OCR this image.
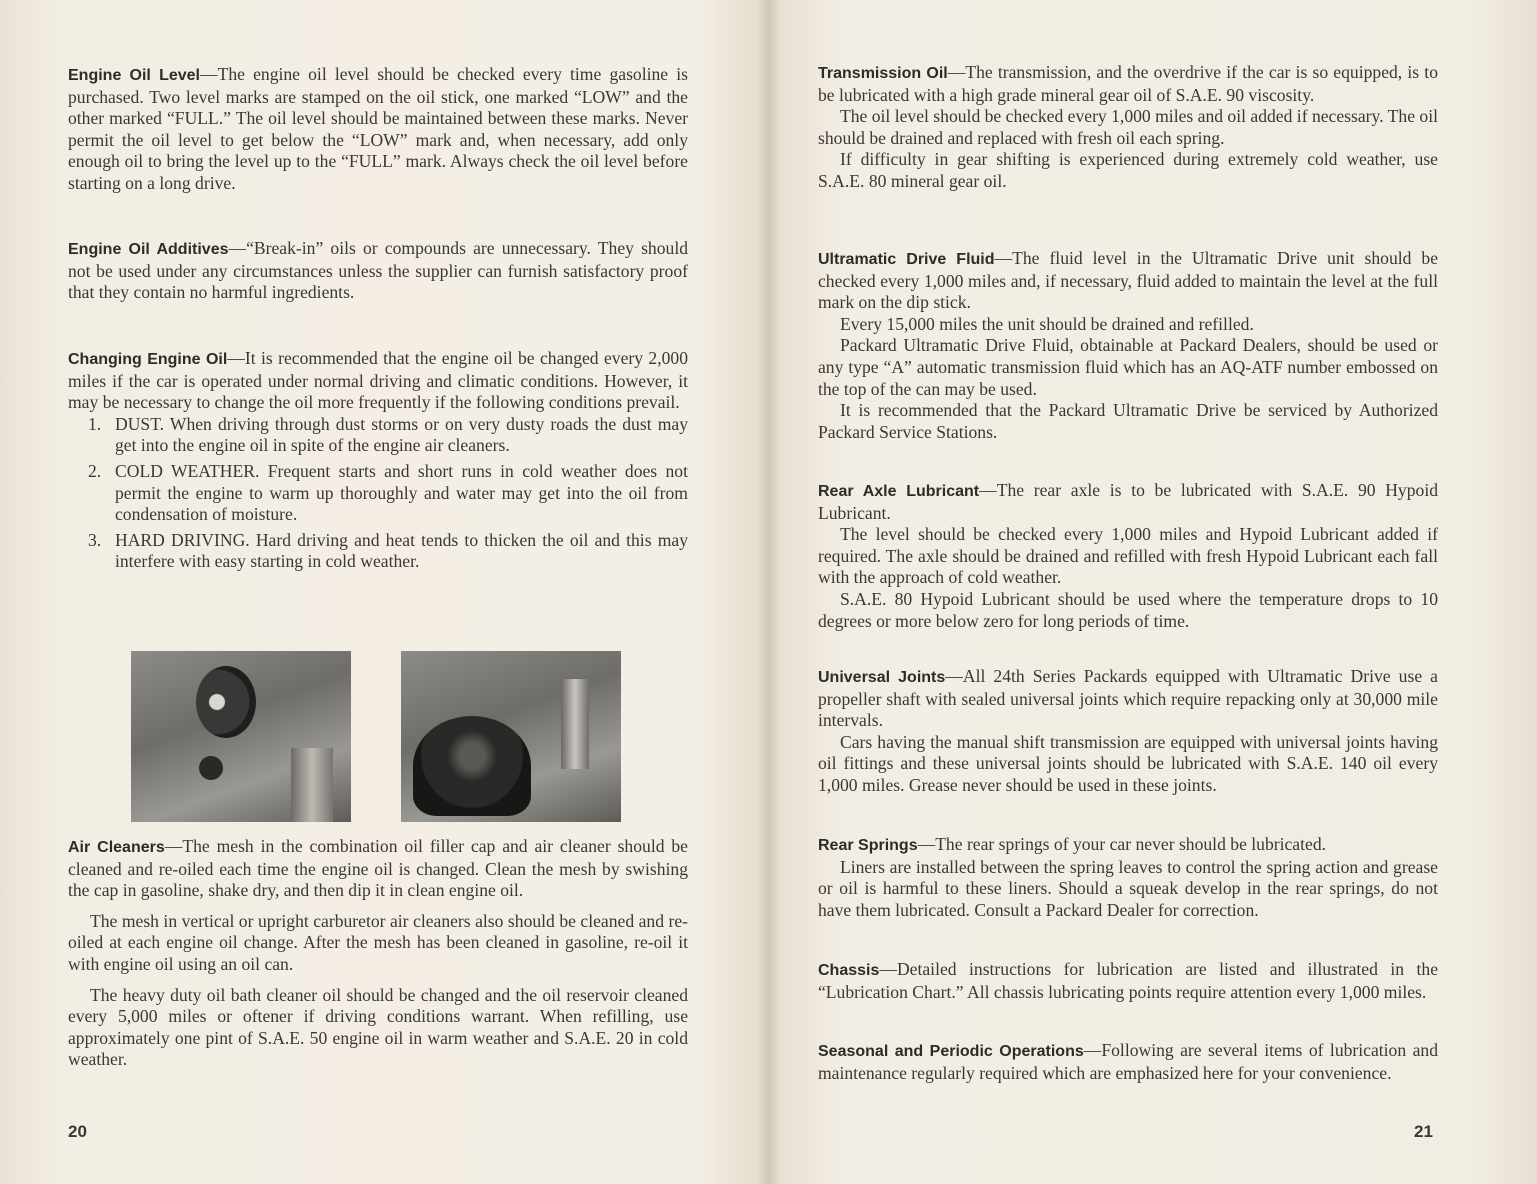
Engine Oil Level—The engine oil level should be checked every time gasoline is purchased. Two level marks are stamped on the oil stick, one marked “LOW” and the other marked “FULL.” The oil level should be maintained between these marks. Never permit the oil level to get below the “LOW” mark and, when necessary, add only enough oil to bring the level up to the “FULL” mark. Always check the oil level before starting on a long drive.

Engine Oil Additives—“Break-in” oils or compounds are unnecessary. They should not be used under any circumstances unless the supplier can furnish satisfactory proof that they contain no harmful ingredients.

Changing Engine Oil—It is recommended that the engine oil be changed every 2,000 miles if the car is operated under normal driving and climatic conditions. However, it may be necessary to change the oil more frequently if the following conditions prevail.

1. DUST. When driving through dust storms or on very dusty roads the dust may get into the engine oil in spite of the engine air cleaners.
2. COLD WEATHER. Frequent starts and short runs in cold weather does not permit the engine to warm up thoroughly and water may get into the oil from condensation of moisture.
3. HARD DRIVING. Hard driving and heat tends to thicken the oil and this may interfere with easy starting in cold weather.

Air Cleaners—The mesh in the combination oil filler cap and air cleaner should be cleaned and re-oiled each time the engine oil is changed. Clean the mesh by swishing the cap in gasoline, shake dry, and then dip it in clean engine oil.

The mesh in vertical or upright carburetor air cleaners also should be cleaned and re-oiled at each engine oil change. After the mesh has been cleaned in gasoline, re-oil it with engine oil using an oil can.

The heavy duty oil bath cleaner oil should be changed and the oil reservoir cleaned every 5,000 miles or oftener if driving conditions warrant. When refilling, use approximately one pint of S.A.E. 50 engine oil in warm weather and S.A.E. 20 in cold weather.

20

Transmission Oil—The transmission, and the overdrive if the car is so equipped, is to be lubricated with a high grade mineral gear oil of S.A.E. 90 viscosity.

The oil level should be checked every 1,000 miles and oil added if necessary. The oil should be drained and replaced with fresh oil each spring.

If difficulty in gear shifting is experienced during extremely cold weather, use S.A.E. 80 mineral gear oil.

Ultramatic Drive Fluid—The fluid level in the Ultramatic Drive unit should be checked every 1,000 miles and, if necessary, fluid added to maintain the level at the full mark on the dip stick.

Every 15,000 miles the unit should be drained and refilled.

Packard Ultramatic Drive Fluid, obtainable at Packard Dealers, should be used or any type “A” automatic transmission fluid which has an AQ-ATF number embossed on the top of the can may be used.

It is recommended that the Packard Ultramatic Drive be serviced by Authorized Packard Service Stations.

Rear Axle Lubricant—The rear axle is to be lubricated with S.A.E. 90 Hypoid Lubricant.

The level should be checked every 1,000 miles and Hypoid Lubricant added if required. The axle should be drained and refilled with fresh Hypoid Lubricant each fall with the approach of cold weather.

S.A.E. 80 Hypoid Lubricant should be used where the temperature drops to 10 degrees or more below zero for long periods of time.

Universal Joints—All 24th Series Packards equipped with Ultramatic Drive use a propeller shaft with sealed universal joints which require repacking only at 30,000 mile intervals.

Cars having the manual shift transmission are equipped with universal joints having oil fittings and these universal joints should be lubricated with S.A.E. 140 oil every 1,000 miles. Grease never should be used in these joints.

Rear Springs—The rear springs of your car never should be lubricated.

Liners are installed between the spring leaves to control the spring action and grease or oil is harmful to these liners. Should a squeak develop in the rear springs, do not have them lubricated. Consult a Packard Dealer for correction.

Chassis—Detailed instructions for lubrication are listed and illustrated in the “Lubrication Chart.” All chassis lubricating points require attention every 1,000 miles.

Seasonal and Periodic Operations—Following are several items of lubrication and maintenance regularly required which are emphasized here for your convenience.

21
